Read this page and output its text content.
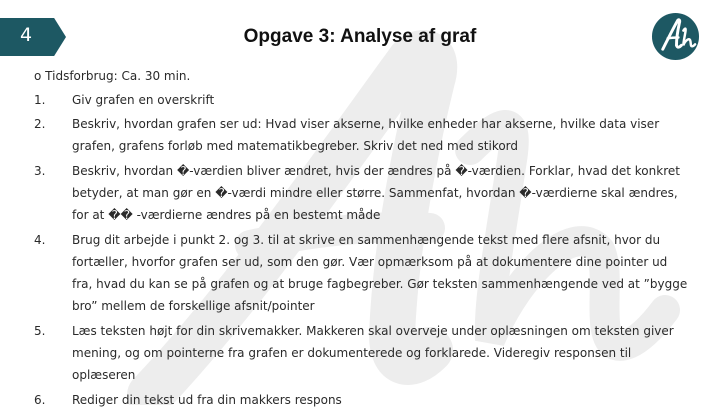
4	Opgave 3: Analyse af graf
o Tidsforbrug: Ca. 30 min.
1.	Giv grafen en overskrift
2.	Beskriv, hvordan grafen ser ud: Hvad viser akserne, hvilke enheder har akserne, hvilke data viser grafen, grafens forløb med matematikbegreber. Skriv det ned med stikord
3.	Beskriv, hvordan �-værdien bliver ændret, hvis der ændres på �-værdien. Forklar, hvad det konkret betyder, at man gør en �-værdi mindre eller større. Sammenfat, hvordan �-værdierne skal ændres, for at �� -værdierne ændres på en bestemt måde
4.	Brug dit arbejde i punkt 2. og 3. til at skrive en sammenhængende tekst med flere afsnit, hvor du fortæller, hvorfor grafen ser ud, som den gør. Vær opmærksom på at dokumentere dine pointer ud fra, hvad du kan se på grafen og at bruge fagbegreber. Gør teksten sammenhængende ved at ”bygge bro” mellem de forskellige afsnit/pointer
5.	Læs teksten højt for din skrivemakker. Makkeren skal overveje under oplæsningen om teksten giver mening, og om pointerne fra grafen er dokumenterede og forklarede. Videregiv responsen til oplæseren
6.	Rediger din tekst ud fra din makkers respons
